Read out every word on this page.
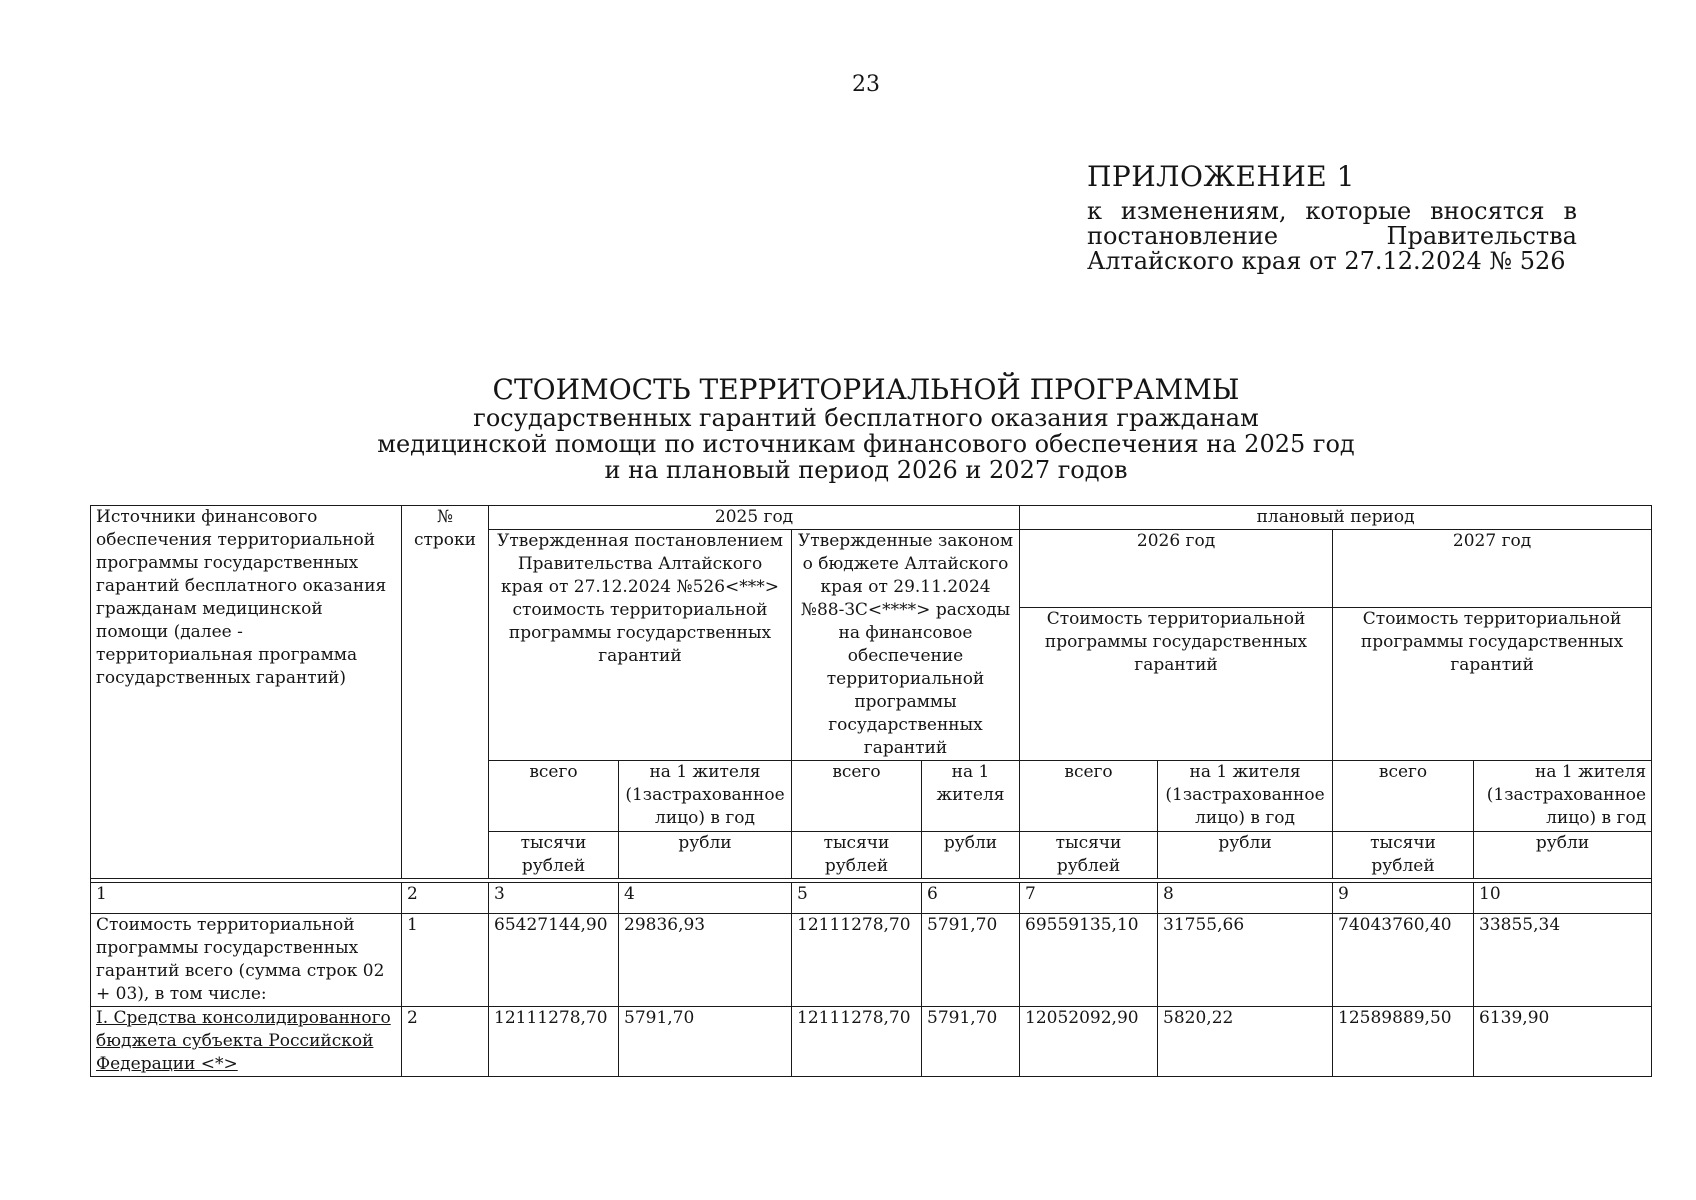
23
ПРИЛОЖЕНИЕ 1
к изменениям, которые вносятся в постановление Правительства Алтайского края от 27.12.2024 № 526
СТОИМОСТЬ ТЕРРИТОРИАЛЬНОЙ ПРОГРАММЫ
государственных гарантий бесплатного оказания гражданам
медицинской помощи по источникам финансового обеспечения на 2025 год
и на плановый период 2026 и 2027 годов
Источники финансового обеспечения территориальной программы государственных гарантий бесплатного оказания гражданам медицинской помощи (далее - территориальная программа государственных гарантий)	№ строки	2025 год				плановый период			
		Утвержденная постановлением Правительства Алтайского края от 27.12.2024 №526<***> стоимость территориальной программы государственных гарантий		Утвержденные законом о бюджете Алтайского края от 29.11.2024 №88-ЗС<****> расходы на финансовое обеспечение территориальной программы государственных гарантий		2026 год		2027 год	
						Стоимость территориальной программы государственных гарантий		Стоимость территориальной программы государственных гарантий	

		всего	на 1 жителя (1застрахованное лицо) в год	всего	на 1 жителя	всего	на 1 жителя (1застрахованное лицо) в год	всего	на 1 жителя (1застрахованное лицо) в год
		тысячи рублей	рубли	тысячи рублей	рубли	тысячи рублей	рубли	тысячи рублей	рубли

1	2	3	4	5	6	7	8	9	10
Стоимость территориальной программы государственных гарантий всего (сумма строк 02 + 03), в том числе:	1	65427144,90	29836,93	12111278,70	5791,70	69559135,10	31755,66	74043760,40	33855,34
I. Средства консолидированного бюджета субъекта Российской Федерации <*>	2	12111278,70	5791,70	12111278,70	5791,70	12052092,90	5820,22	12589889,50	6139,90
